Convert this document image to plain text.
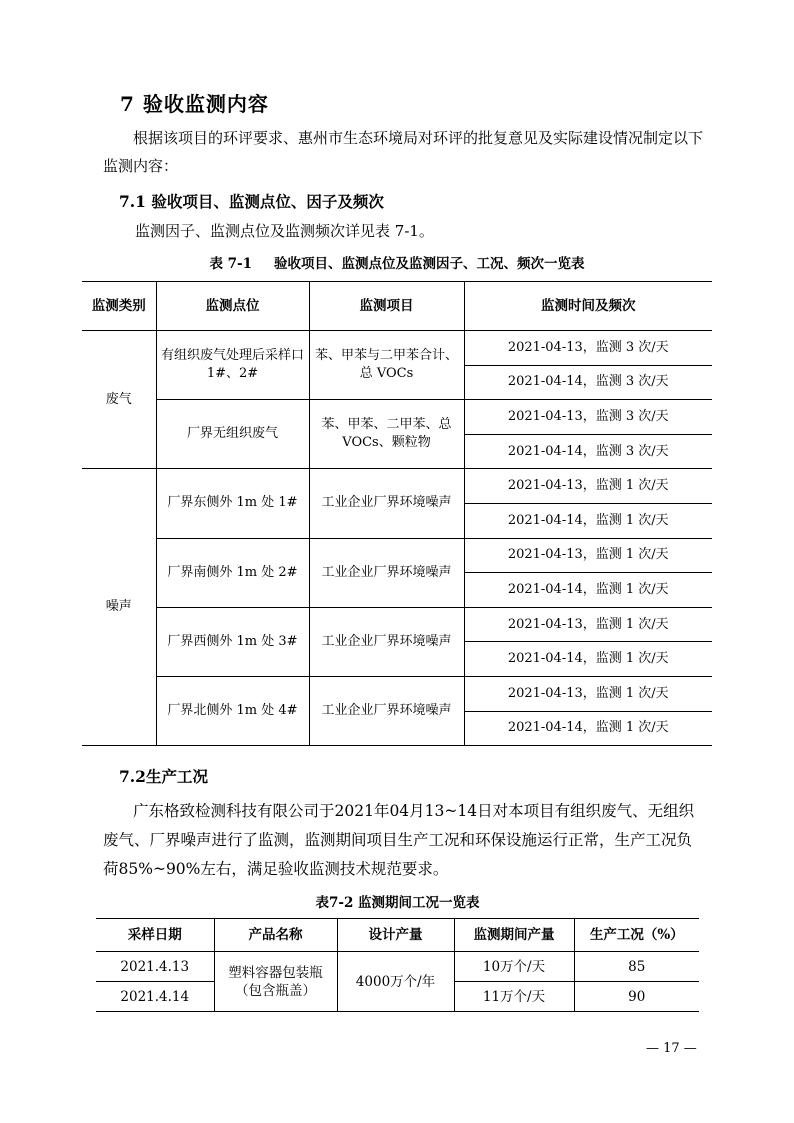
7 验收监测内容
根据该项目的环评要求、惠州市生态环境局对环评的批复意见及实际建设情况制定以下监测内容：
7.1 验收项目、监测点位、因子及频次
监测因子、监测点位及监测频次详见表 7-1。
表 7-1 验收项目、监测点位及监测因子、工况、频次一览表
监测类别	监测点位	监测项目	监测时间及频次
废气	有组织废气处理后采样口 1#、2#	苯、甲苯与二甲苯合计、总 VOCs	2021-04-13，监测 3 次/天
			2021-04-14，监测 3 次/天
	厂界无组织废气	苯、甲苯、二甲苯、总 VOCs、颗粒物	2021-04-13，监测 3 次/天
			2021-04-14，监测 3 次/天
噪声	厂界东侧外 1m 处 1#	工业企业厂界环境噪声	2021-04-13，监测 1 次/天
			2021-04-14，监测 1 次/天
	厂界南侧外 1m 处 2#	工业企业厂界环境噪声	2021-04-13，监测 1 次/天
			2021-04-14，监测 1 次/天
	厂界西侧外 1m 处 3#	工业企业厂界环境噪声	2021-04-13，监测 1 次/天
			2021-04-14，监测 1 次/天
	厂界北侧外 1m 处 4#	工业企业厂界环境噪声	2021-04-13，监测 1 次/天
			2021-04-14，监测 1 次/天
7.2生产工况
广东格致检测科技有限公司于2021年04月13~14日对本项目有组织废气、无组织废气、厂界噪声进行了监测，监测期间项目生产工况和环保设施运行正常，生产工况负荷85%~90%左右，满足验收监测技术规范要求。
表7-2 监测期间工况一览表
采样日期	产品名称	设计产量	监测期间产量	生产工况（%）
2021.4.13	塑料容器包装瓶（包含瓶盖）	4000万个/年	10万个/天	85
2021.4.14			11万个/天	90
— 17 —
